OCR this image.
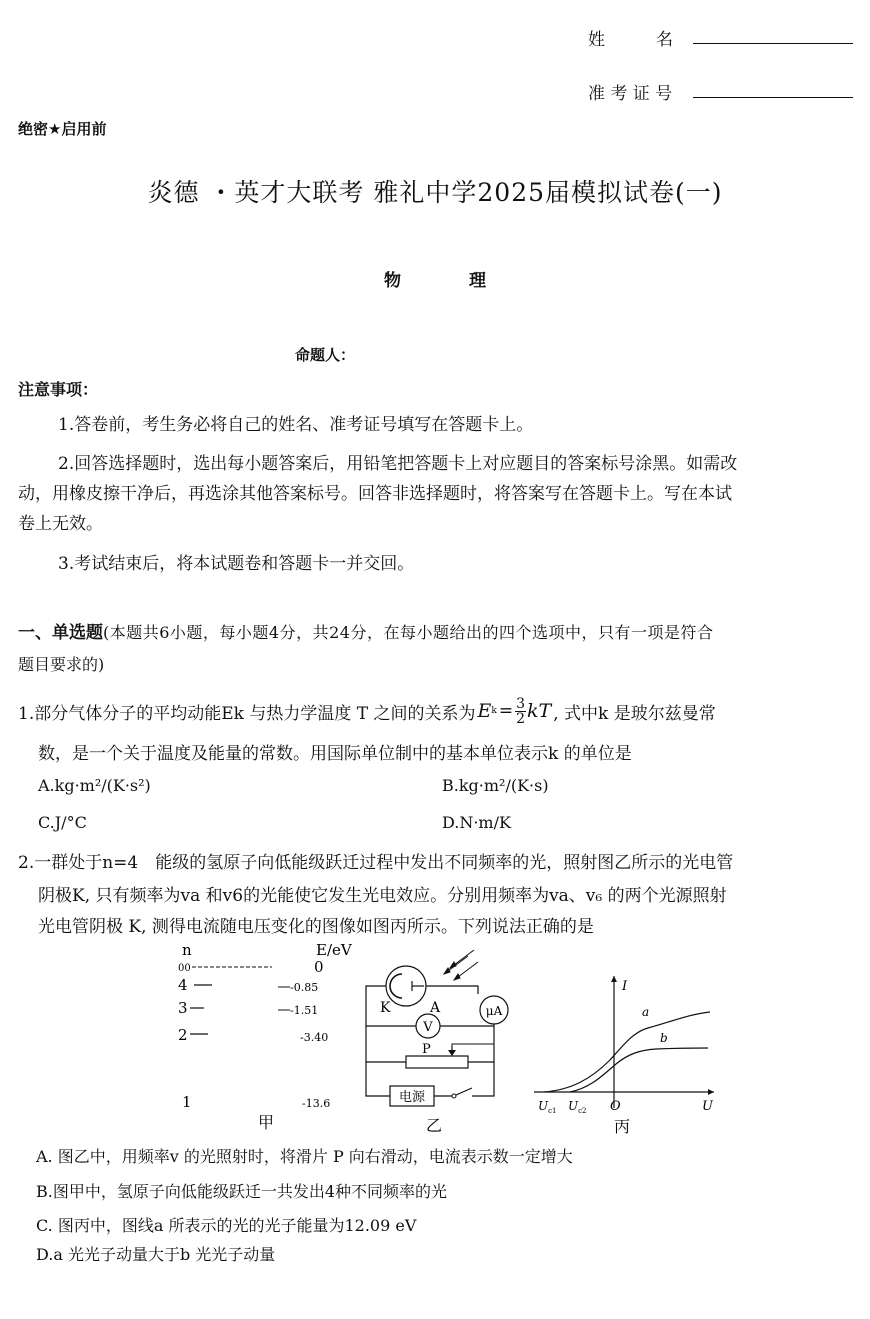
姓　　　名
准 考 证 号
绝密★启用前
炎德 ・英才大联考 雅礼中学2025届模拟试卷(一)
物　　　　理
命题人：
注意事项：
1.答卷前，考生务必将自己的姓名、准考证号填写在答题卡上。
2.回答选择题时，选出每小题答案后，用铅笔把答题卡上对应题目的答案标号涂黑。如需改
动，用橡皮擦干净后，再选涂其他答案标号。回答非选择题时，将答案写在答题卡上。写在本试
卷上无效。
3.考试结束后，将本试题卷和答题卡一并交回。
一、单选题(本题共6小题，每小题4分，共24分，在每小题给出的四个选项中，只有一项是符合
题目要求的)
1.部分气体分子的平均动能Ek 与热力学温度 T 之间的关系为 E $k = \frac{3}{2}$ kT , 式中k 是玻尔兹曼常
数，是一个关于温度及能量的常数。用国际单位制中的基本单位表示k 的单位是
A.kg·m²/(K·s²)	B.kg·m²/(K·s)
C.J/°C	D.N·m/K
2.一群处于n=4　能级的氢原子向低能级跃迁过程中发出不同频率的光，照射图乙所示的光电管
阴极K, 只有频率为va 和v6的光能使它发生光电效应。分别用频率为va、v₆ 的两个光源照射
光电管阴极 K, 测得电流随电压变化的图像如图丙所示。下列说法正确的是
n	E/eV
00	0
4	-0.85
3	-1.51
2	-3.40
1	-13.6
甲
K	A	μA
V
P
电源
乙
I
U
O
a
b
$U_{c1}$ $U_{c2}$
丙
A. 图乙中，用频率v 的光照射时，将滑片 P 向右滑动，电流表示数一定增大
B.图甲中，氢原子向低能级跃迁一共发出4种不同频率的光
C. 图丙中，图线a 所表示的光的光子能量为12.09 eV
D.a 光光子动量大于b 光光子动量
